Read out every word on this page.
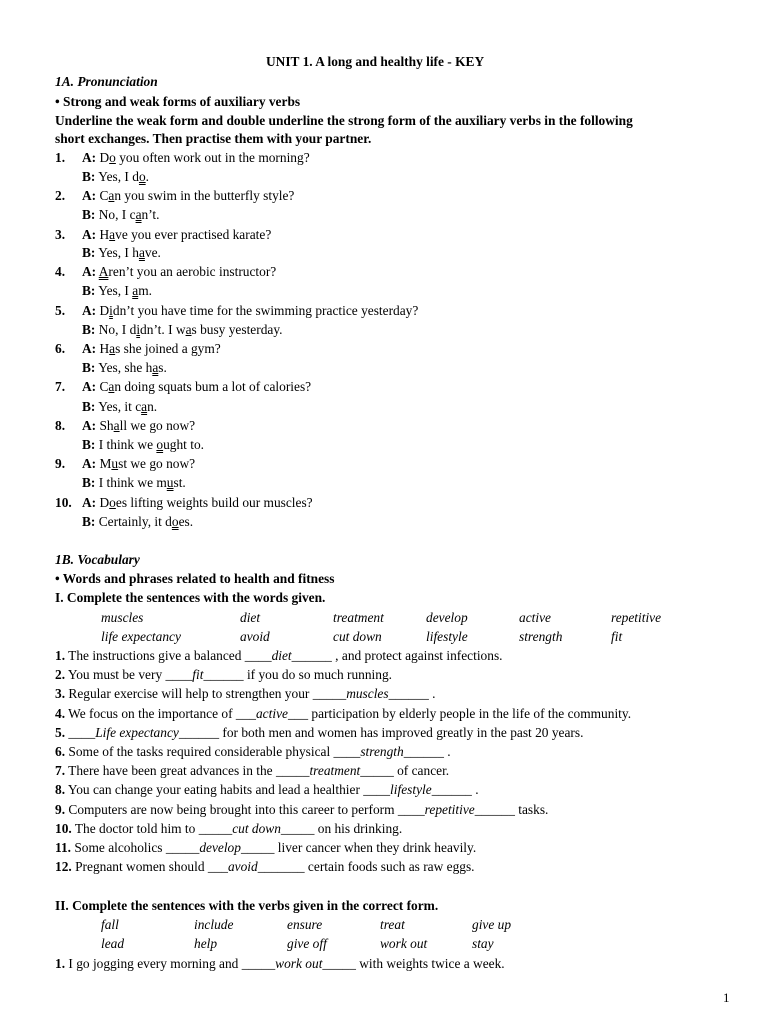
UNIT 1. A long and healthy life - KEY
1A. Pronunciation
• Strong and weak forms of auxiliary verbs
Underline the weak form and double underline the strong form of the auxiliary verbs in the following
short exchanges. Then practise them with your partner.
1.	A: Do you often work out in the morning?
B: Yes, I do.
2.	A: Can you swim in the butterfly style?
B: No, I can’t.
3.	A: Have you ever practised karate?
B: Yes, I have.
4.	A: Aren’t you an aerobic instructor?
B: Yes, I am.
5.	A: Didn’t you have time for the swimming practice yesterday?
B: No, I didn’t. I was busy yesterday.
6.	A: Has she joined a gym?
B: Yes, she has.
7.	A: Can doing squats bum a lot of calories?
B: Yes, it can.
8.	A: Shall we go now?
B: I think we ought to.
9.	A: Must we go now?
B: I think we must.
10. A: Does lifting weights build our muscles?
B: Certainly, it does.
1B. Vocabulary
• Words and phrases related to health and fitness
I. Complete the sentences with the words given.
muscles	diet	treatment	develop	active	repetitive
life expectancy	avoid	cut down	lifestyle	strength	fit
1. The instructions give a balanced ____diet______ , and protect against infections.
2. You must be very ____fit______ if you do so much running.
3. Regular exercise will help to strengthen your _____muscles______ .
4. We focus on the importance of ___active___ participation by elderly people in the life of the community.
5. ____Life expectancy______ for both men and women has improved greatly in the past 20 years.
6. Some of the tasks required considerable physical ____strength______ .
7. There have been great advances in the _____treatment_____ of cancer.
8. You can change your eating habits and lead a healthier ____lifestyle______ .
9. Computers are now being brought into this career to perform ____repetitive______ tasks.
10. The doctor told him to _____cut down_____ on his drinking.
11. Some alcoholics _____develop_____ liver cancer when they drink heavily.
12. Pregnant women should ___avoid_______ certain foods such as raw eggs.
II. Complete the sentences with the verbs given in the correct form.
fall	include	ensure	treat	give up
lead	help	give off	work out	stay
1. I go jogging every morning and _____work out_____ with weights twice a week.
1
